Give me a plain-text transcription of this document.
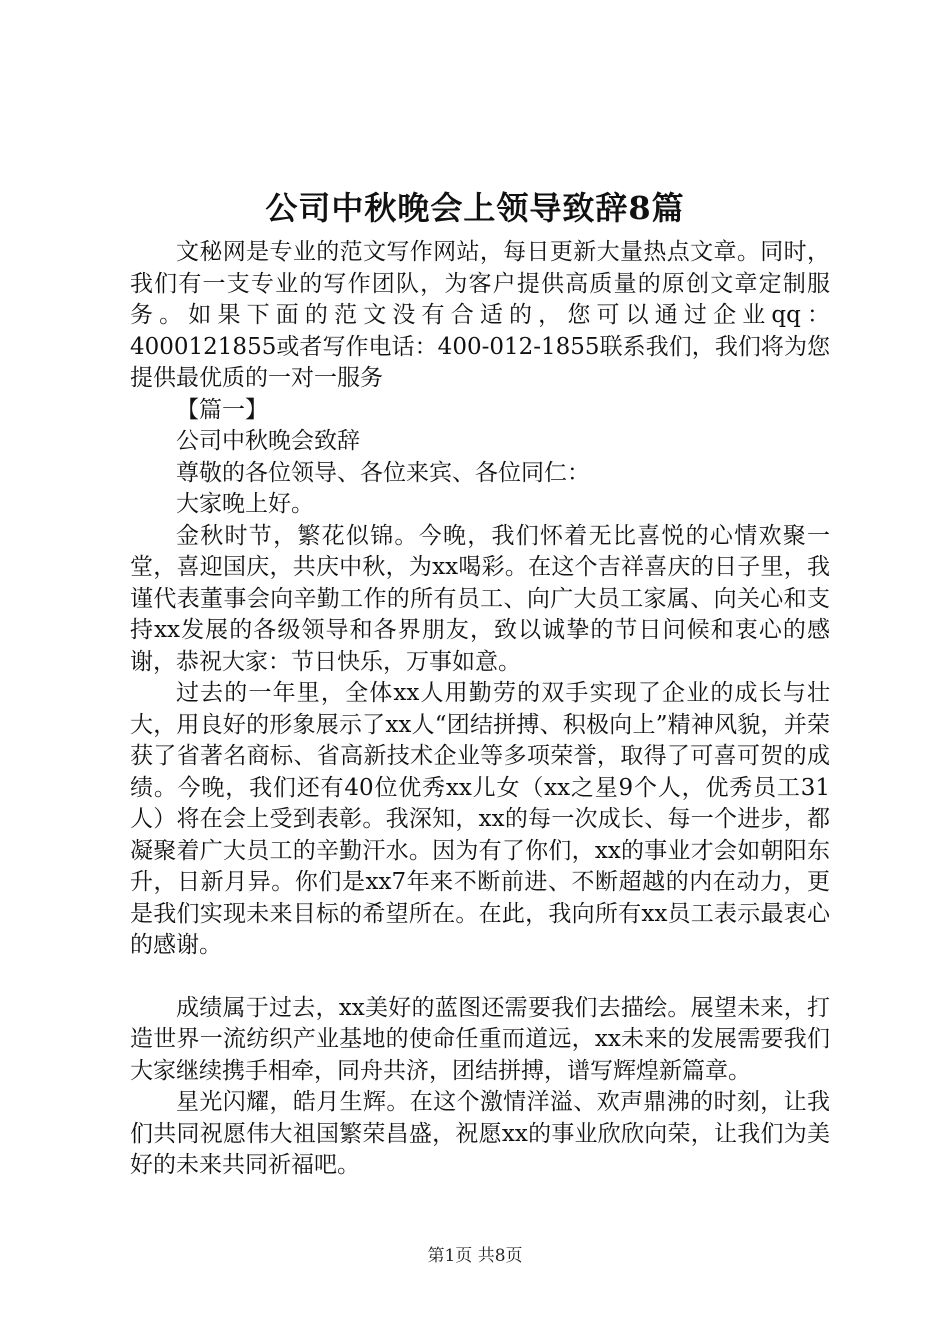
公司中秋晚会上领导致辞8篇

文秘网是专业的范文写作网站，每日更新大量热点文章。同时，我们有一支专业的写作团队，为客户提供高质量的原创文章定制服务。如果下面的范文没有合适的，您可以通过企业qq：4000121855或者写作电话：400-012-1855联系我们，我们将为您提供最优质的一对一服务

【篇一】

公司中秋晚会致辞

尊敬的各位领导、各位来宾、各位同仁：

大家晚上好。

金秋时节，繁花似锦。今晚，我们怀着无比喜悦的心情欢聚一堂，喜迎国庆，共庆中秋，为xx喝彩。在这个吉祥喜庆的日子里，我谨代表董事会向辛勤工作的所有员工、向广大员工家属、向关心和支持xx发展的各级领导和各界朋友，致以诚挚的节日问候和衷心的感谢，恭祝大家：节日快乐，万事如意。

过去的一年里，全体xx人用勤劳的双手实现了企业的成长与壮大，用良好的形象展示了xx人“团结拼搏、积极向上”精神风貌，并荣获了省著名商标、省高新技术企业等多项荣誉，取得了可喜可贺的成绩。今晚，我们还有40位优秀xx儿女（xx之星9个人，优秀员工31人）将在会上受到表彰。我深知，xx的每一次成长、每一个进步，都凝聚着广大员工的辛勤汗水。因为有了你们，xx的事业才会如朝阳东升，日新月异。你们是xx7年来不断前进、不断超越的内在动力，更是我们实现未来目标的希望所在。在此，我向所有xx员工表示最衷心的感谢。

成绩属于过去，xx美好的蓝图还需要我们去描绘。展望未来，打造世界一流纺织产业基地的使命任重而道远，xx未来的发展需要我们大家继续携手相牵，同舟共济，团结拼搏，谱写辉煌新篇章。

星光闪耀，皓月生辉。在这个激情洋溢、欢声鼎沸的时刻，让我们共同祝愿伟大祖国繁荣昌盛，祝愿xx的事业欣欣向荣，让我们为美好的未来共同祈福吧。

第1页 共8页
